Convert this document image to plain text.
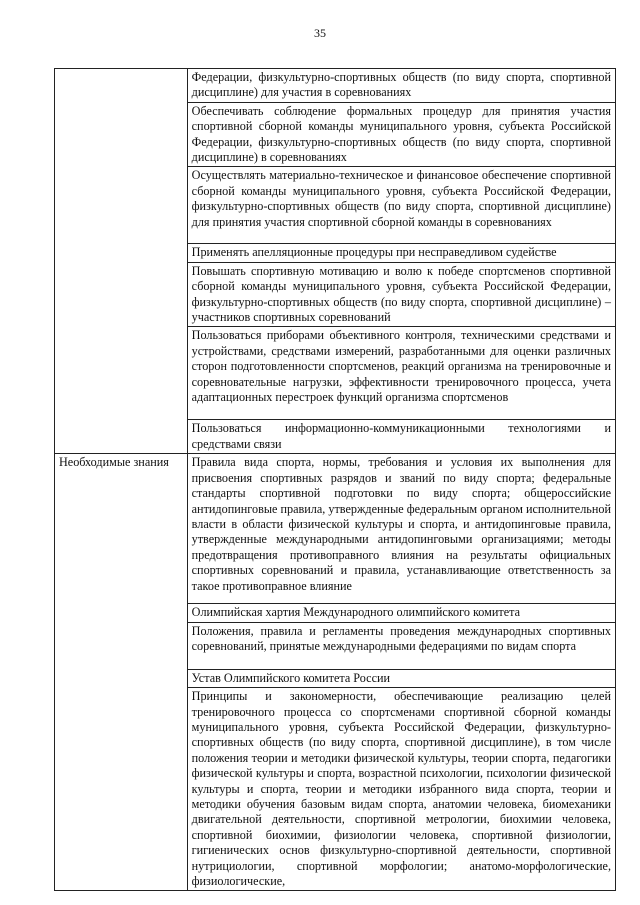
35

	Федерации, физкультурно-спортивных обществ (по виду спорта, спортивной дисциплине) для участия в соревнованиях

	Обеспечивать соблюдение формальных процедур для принятия участия спортивной сборной команды муниципального уровня, субъекта Российской Федерации, физкультурно-спортивных обществ (по виду спорта, спортивной дисциплине) в соревнованиях

	Осуществлять материально-техническое и финансовое обеспечение спортивной сборной команды муниципального уровня, субъекта Российской Федерации, физкультурно-спортивных обществ (по виду спорта, спортивной дисциплине) для принятия участия спортивной сборной команды в соревнованиях

	Применять апелляционные процедуры при несправедливом судействе

	Повышать спортивную мотивацию и волю к победе спортсменов спортивной сборной команды муниципального уровня, субъекта Российской Федерации, физкультурно-спортивных обществ (по виду спорта, спортивной дисциплине) – участников спортивных соревнований

	Пользоваться приборами объективного контроля, техническими средствами и устройствами, средствами измерений, разработанными для оценки различных сторон подготовленности спортсменов, реакций организма на тренировочные и соревновательные нагрузки, эффективности тренировочного процесса, учета адаптационных перестроек функций организма спортсменов

	Пользоваться информационно-коммуникационными технологиями и средствами связи

Необходимые знания	Правила вида спорта, нормы, требования и условия их выполнения для присвоения спортивных разрядов и званий по виду спорта; федеральные стандарты спортивной подготовки по виду спорта; общероссийские антидопинговые правила, утвержденные федеральным органом исполнительной власти в области физической культуры и спорта, и антидопинговые правила, утвержденные международными антидопинговыми организациями; методы предотвращения противоправного влияния на результаты официальных спортивных соревнований и правила, устанавливающие ответственность за такое противоправное влияние

	Олимпийская хартия Международного олимпийского комитета

	Положения, правила и регламенты проведения международных спортивных соревнований, принятые международными федерациями по видам спорта

	Устав Олимпийского комитета России

	Принципы и закономерности, обеспечивающие реализацию целей тренировочного процесса со спортсменами спортивной сборной команды муниципального уровня, субъекта Российской Федерации, физкультурно-спортивных обществ (по виду спорта, спортивной дисциплине), в том числе положения теории и методики физической культуры, теории спорта, педагогики физической культуры и спорта, возрастной психологии, психологии физической культуры и спорта, теории и методики избранного вида спорта, теории и методики обучения базовым видам спорта, анатомии человека, биомеханики двигательной деятельности, спортивной метрологии, биохимии человека, спортивной биохимии, физиологии человека, спортивной физиологии, гигиенических основ физкультурно-спортивной деятельности, спортивной нутрициологии, спортивной морфологии; анатомо-морфологические, физиологические,
